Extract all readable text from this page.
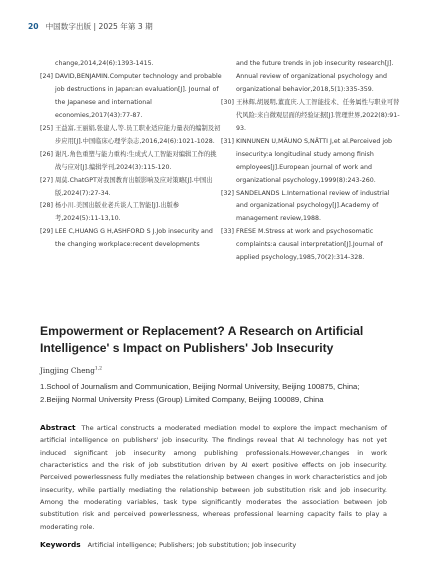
20 中国数字出版 | 2025 年第 3 期
change,2014,24(6):1393-1415.
[24] DAVID,BENJAMIN.Computer technology and probable job destructions in Japan:an evaluation[J]. Journal of the Japanese and international economies,2017(43):77-87.
[25] 王益富,王丽娟,张建人,等.员工职业适应能力量表的编制及初步应用[J].中国临床心理学杂志,2016,24(6):1021-1028.
[26] 谢凡.角色重塑与能力重构:生成式人工智能对编辑工作的挑战与应对[J].编辑学刊,2024(3):115-120.
[27] 周莫.ChatGPT对我国教育出版影响及应对策略[J].中国出版,2024(7):27-34.
[28] 杨小川.美国出版业老兵谈人工智能[J].出版参考,2024(5):11-13,10.
[29] LEE C,HUANG G H,ASHFORD S J.Job insecurity and the changing workplace:recent developments
and the future trends in job insecurity research[J]. Annual review of organizational psychology and organizational behavior,2018,5(1):335-359.
[30] 王林辉,胡晟明,董直庆.人工智能技术、任务属性与职业可替代风险:来自微观层面的经验证据[J].管理世界,2022(8):91-93.
[31] KINNUNEN U,MÄUNO S,NÄTTI J,et al.Perceived job insecurity:a longitudinal study among finish employees[J].European journal of work and organizational psychology,1999(8):243-260.
[32] SANDELANDS L.International review of industrial and organizational psychology[J].Academy of management review,1988.
[33] FRESE M.Stress at work and psychosomatic complaints:a causal interpretation[J].Journal of applied psychology,1985,70(2):314-328.
Empowerment or Replacement? A Research on Artificial Intelligence' s Impact on Publishers' Job Insecurity
Jingjing Cheng$^{1,2}$
1.School of Journalism and Communication, Beijing Normal University, Beijing 100875, China;
2.Beijing Normal University Press (Group) Limited Company, Beijing 100089, China
Abstract The artical constructs a moderated mediation model to explore the impact mechanism of artificial intelligence on publishers' job insecurity. The findings reveal that AI technology has not yet induced significant job insecurity among publishing professionals.However,changes in work characteristics and the risk of job substitution driven by AI exert positive effects on job insecurity. Perceived powerlessness fully mediates the relationship between changes in work characteristics and job insecurity, while partially mediating the relationship between job substitution risk and job insecurity. Among the moderating variables, task type significantly moderates the association between job substitution risk and perceived powerlessness, whereas professional learning capacity fails to play a moderating role.
Keywords Artificial intelligence; Publishers; Job substitution; Job insecurity
